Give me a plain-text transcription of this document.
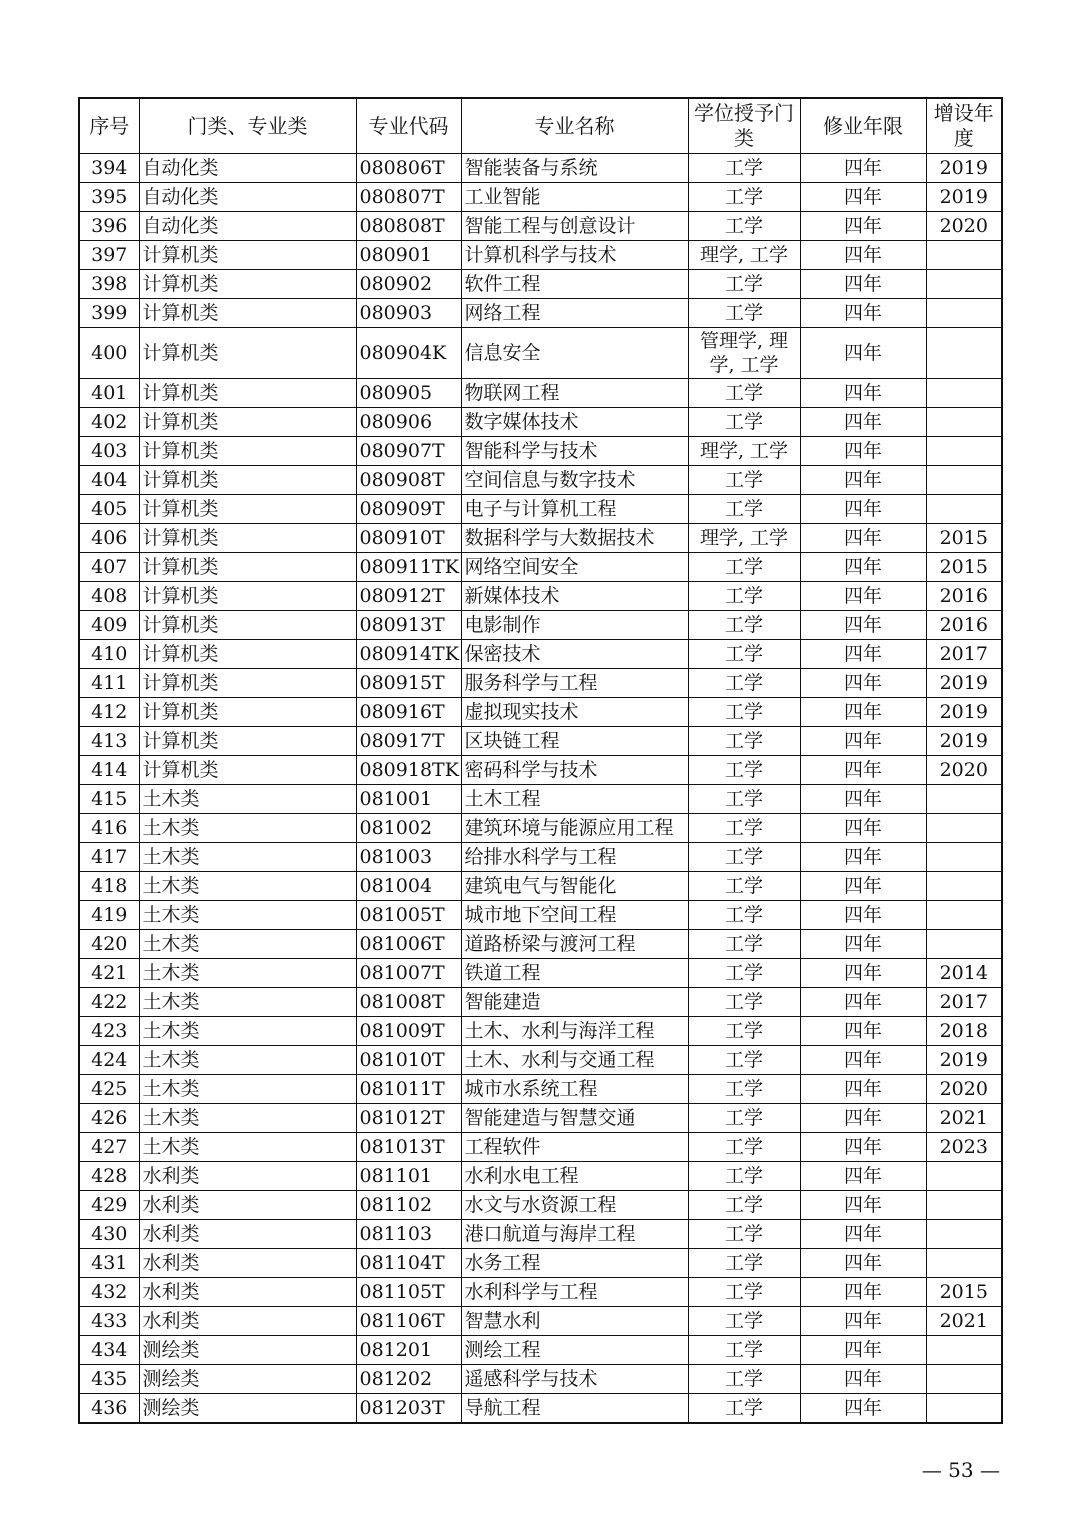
序号	门类、专业类	专业代码	专业名称	学位授予门类	修业年限	增设年度
394	自动化类	080806T	智能装备与系统	工学	四年	2019
395	自动化类	080807T	工业智能	工学	四年	2019
396	自动化类	080808T	智能工程与创意设计	工学	四年	2020
397	计算机类	080901	计算机科学与技术	理学, 工学	四年	
398	计算机类	080902	软件工程	工学	四年	
399	计算机类	080903	网络工程	工学	四年	
400	计算机类	080904K	信息安全	管理学, 理学, 工学	四年	
401	计算机类	080905	物联网工程	工学	四年	
402	计算机类	080906	数字媒体技术	工学	四年	
403	计算机类	080907T	智能科学与技术	理学, 工学	四年	
404	计算机类	080908T	空间信息与数字技术	工学	四年	
405	计算机类	080909T	电子与计算机工程	工学	四年	
406	计算机类	080910T	数据科学与大数据技术	理学, 工学	四年	2015
407	计算机类	080911TK	网络空间安全	工学	四年	2015
408	计算机类	080912T	新媒体技术	工学	四年	2016
409	计算机类	080913T	电影制作	工学	四年	2016
410	计算机类	080914TK	保密技术	工学	四年	2017
411	计算机类	080915T	服务科学与工程	工学	四年	2019
412	计算机类	080916T	虚拟现实技术	工学	四年	2019
413	计算机类	080917T	区块链工程	工学	四年	2019
414	计算机类	080918TK	密码科学与技术	工学	四年	2020
415	土木类	081001	土木工程	工学	四年	
416	土木类	081002	建筑环境与能源应用工程	工学	四年	
417	土木类	081003	给排水科学与工程	工学	四年	
418	土木类	081004	建筑电气与智能化	工学	四年	
419	土木类	081005T	城市地下空间工程	工学	四年	
420	土木类	081006T	道路桥梁与渡河工程	工学	四年	
421	土木类	081007T	铁道工程	工学	四年	2014
422	土木类	081008T	智能建造	工学	四年	2017
423	土木类	081009T	土木、水利与海洋工程	工学	四年	2018
424	土木类	081010T	土木、水利与交通工程	工学	四年	2019
425	土木类	081011T	城市水系统工程	工学	四年	2020
426	土木类	081012T	智能建造与智慧交通	工学	四年	2021
427	土木类	081013T	工程软件	工学	四年	2023
428	水利类	081101	水利水电工程	工学	四年	
429	水利类	081102	水文与水资源工程	工学	四年	
430	水利类	081103	港口航道与海岸工程	工学	四年	
431	水利类	081104T	水务工程	工学	四年	
432	水利类	081105T	水利科学与工程	工学	四年	2015
433	水利类	081106T	智慧水利	工学	四年	2021
434	测绘类	081201	测绘工程	工学	四年	
435	测绘类	081202	遥感科学与技术	工学	四年	
436	测绘类	081203T	导航工程	工学	四年	
— 53 —
